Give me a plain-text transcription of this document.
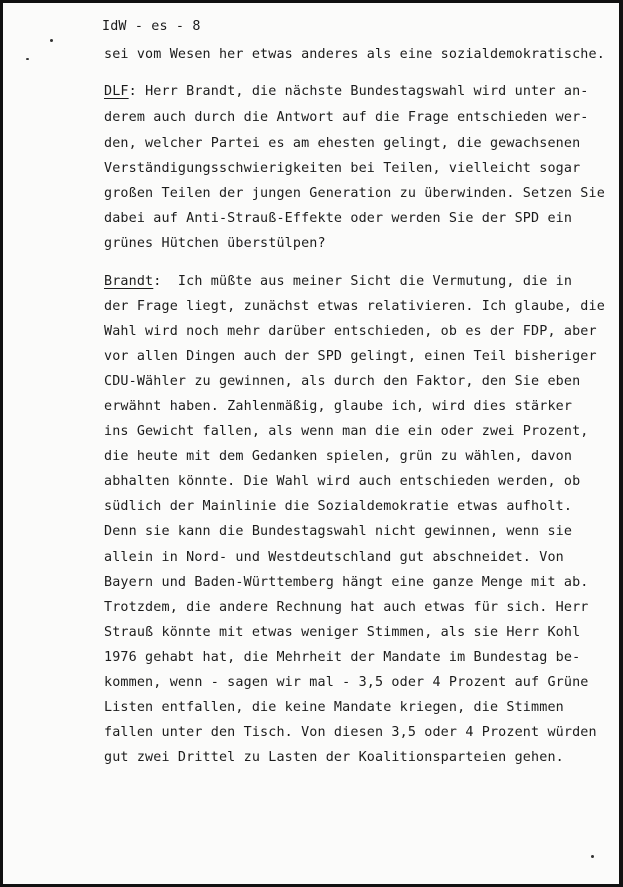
IdW - es - 8
sei vom Wesen her etwas anderes als eine sozialdemokratische.
DLF: Herr Brandt, die nächste Bundestagswahl wird unter an-
derem auch durch die Antwort auf die Frage entschieden wer-
den, welcher Partei es am ehesten gelingt, die gewachsenen
Verständigungsschwierigkeiten bei Teilen, vielleicht sogar
großen Teilen der jungen Generation zu überwinden. Setzen Sie
dabei auf Anti-Strauß-Effekte oder werden Sie der SPD ein
grünes Hütchen überstülpen?
Brandt:  Ich müßte aus meiner Sicht die Vermutung, die in
der Frage liegt, zunächst etwas relativieren. Ich glaube, die
Wahl wird noch mehr darüber entschieden, ob es der FDP, aber
vor allen Dingen auch der SPD gelingt, einen Teil bisheriger
CDU-Wähler zu gewinnen, als durch den Faktor, den Sie eben
erwähnt haben. Zahlenmäßig, glaube ich, wird dies stärker
ins Gewicht fallen, als wenn man die ein oder zwei Prozent,
die heute mit dem Gedanken spielen, grün zu wählen, davon
abhalten könnte. Die Wahl wird auch entschieden werden, ob
südlich der Mainlinie die Sozialdemokratie etwas aufholt.
Denn sie kann die Bundestagswahl nicht gewinnen, wenn sie
allein in Nord- und Westdeutschland gut abschneidet. Von
Bayern und Baden-Württemberg hängt eine ganze Menge mit ab.
Trotzdem, die andere Rechnung hat auch etwas für sich. Herr
Strauß könnte mit etwas weniger Stimmen, als sie Herr Kohl
1976 gehabt hat, die Mehrheit der Mandate im Bundestag be-
kommen, wenn - sagen wir mal - 3,5 oder 4 Prozent auf Grüne
Listen entfallen, die keine Mandate kriegen, die Stimmen
fallen unter den Tisch. Von diesen 3,5 oder 4 Prozent würden
gut zwei Drittel zu Lasten der Koalitionsparteien gehen.
